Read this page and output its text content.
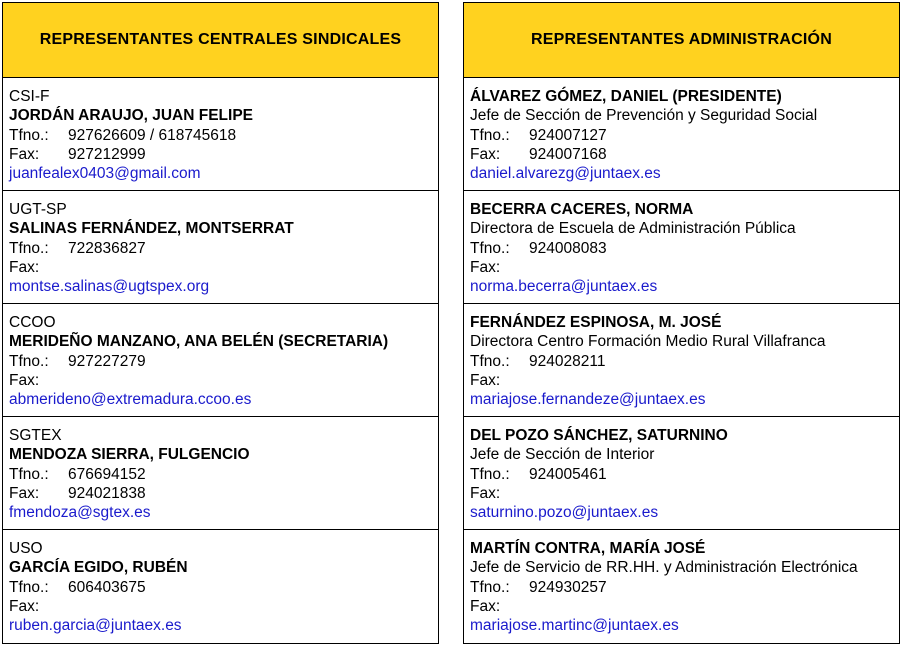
REPRESENTANTES CENTRALES SINDICALES
CSI-F
JORDÁN ARAUJO, JUAN FELIPE
Tfno.: 927626609 / 618745618
Fax: 927212999
juanfealex0403@gmail.com
UGT-SP
SALINAS FERNÁNDEZ, MONTSERRAT
Tfno.: 722836827
Fax:
montse.salinas@ugtspex.org
CCOO
MERIDEÑO MANZANO, ANA BELÉN (SECRETARIA)
Tfno.: 927227279
Fax:
abmerideno@extremadura.ccoo.es
SGTEX
MENDOZA SIERRA, FULGENCIO
Tfno.: 676694152
Fax: 924021838
fmendoza@sgtex.es
USO
GARCÍA EGIDO, RUBÉN
Tfno.: 606403675
Fax:
ruben.garcia@juntaex.es
REPRESENTANTES ADMINISTRACIÓN
ÁLVAREZ GÓMEZ, DANIEL (PRESIDENTE)
Jefe de Sección de Prevención y Seguridad Social
Tfno.: 924007127
Fax: 924007168
daniel.alvarezg@juntaex.es
BECERRA CACERES, NORMA
Directora de Escuela de Administración Pública
Tfno.: 924008083
Fax:
norma.becerra@juntaex.es
FERNÁNDEZ ESPINOSA, M. JOSÉ
Directora Centro Formación Medio Rural Villafranca
Tfno.: 924028211
Fax:
mariajose.fernandeze@juntaex.es
DEL POZO SÁNCHEZ, SATURNINO
Jefe de Sección de Interior
Tfno.: 924005461
Fax:
saturnino.pozo@juntaex.es
MARTÍN CONTRA, MARÍA JOSÉ
Jefe de Servicio de RR.HH. y Administración Electrónica
Tfno.: 924930257
Fax:
mariajose.martinc@juntaex.es
